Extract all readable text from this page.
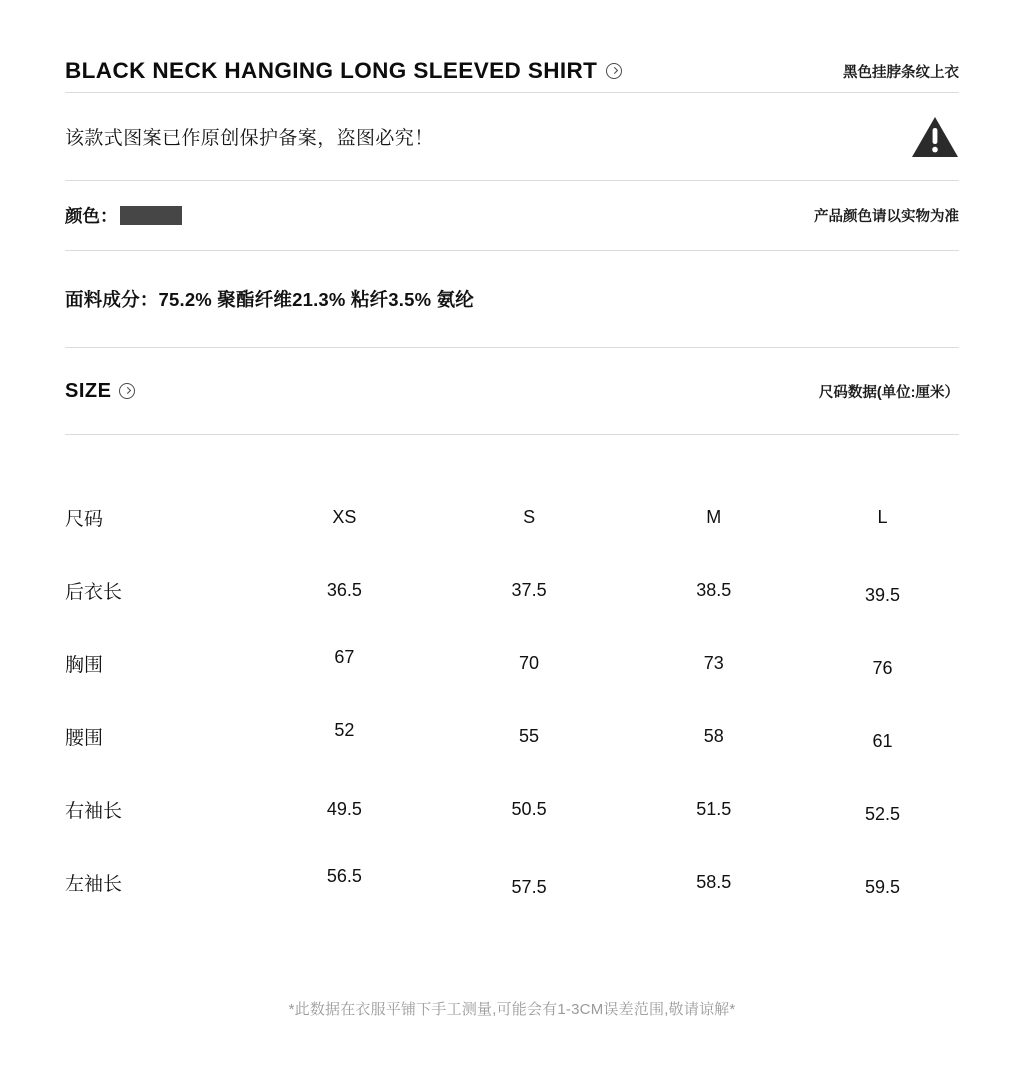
BLACK NECK HANGING LONG SLEEVED SHIRT	黑色挂脖条纹上衣
该款式图案已作原创保护备案，盗图必究！
颜色：	产品颜色请以实物为准
面料成分：75.2% 聚酯纤维21.3% 粘纤3.5% 氨纶
SIZE	尺码数据(单位:厘米）
尺码	XS	S	M	L
后衣长	36.5	37.5	38.5	39.5
胸围	67	70	73	76
腰围	52	55	58	61
右袖长	49.5	50.5	51.5	52.5
左袖长	56.5	57.5	58.5	59.5
*此数据在衣服平铺下手工测量,可能会有1-3CM误差范围,敬请谅解*
